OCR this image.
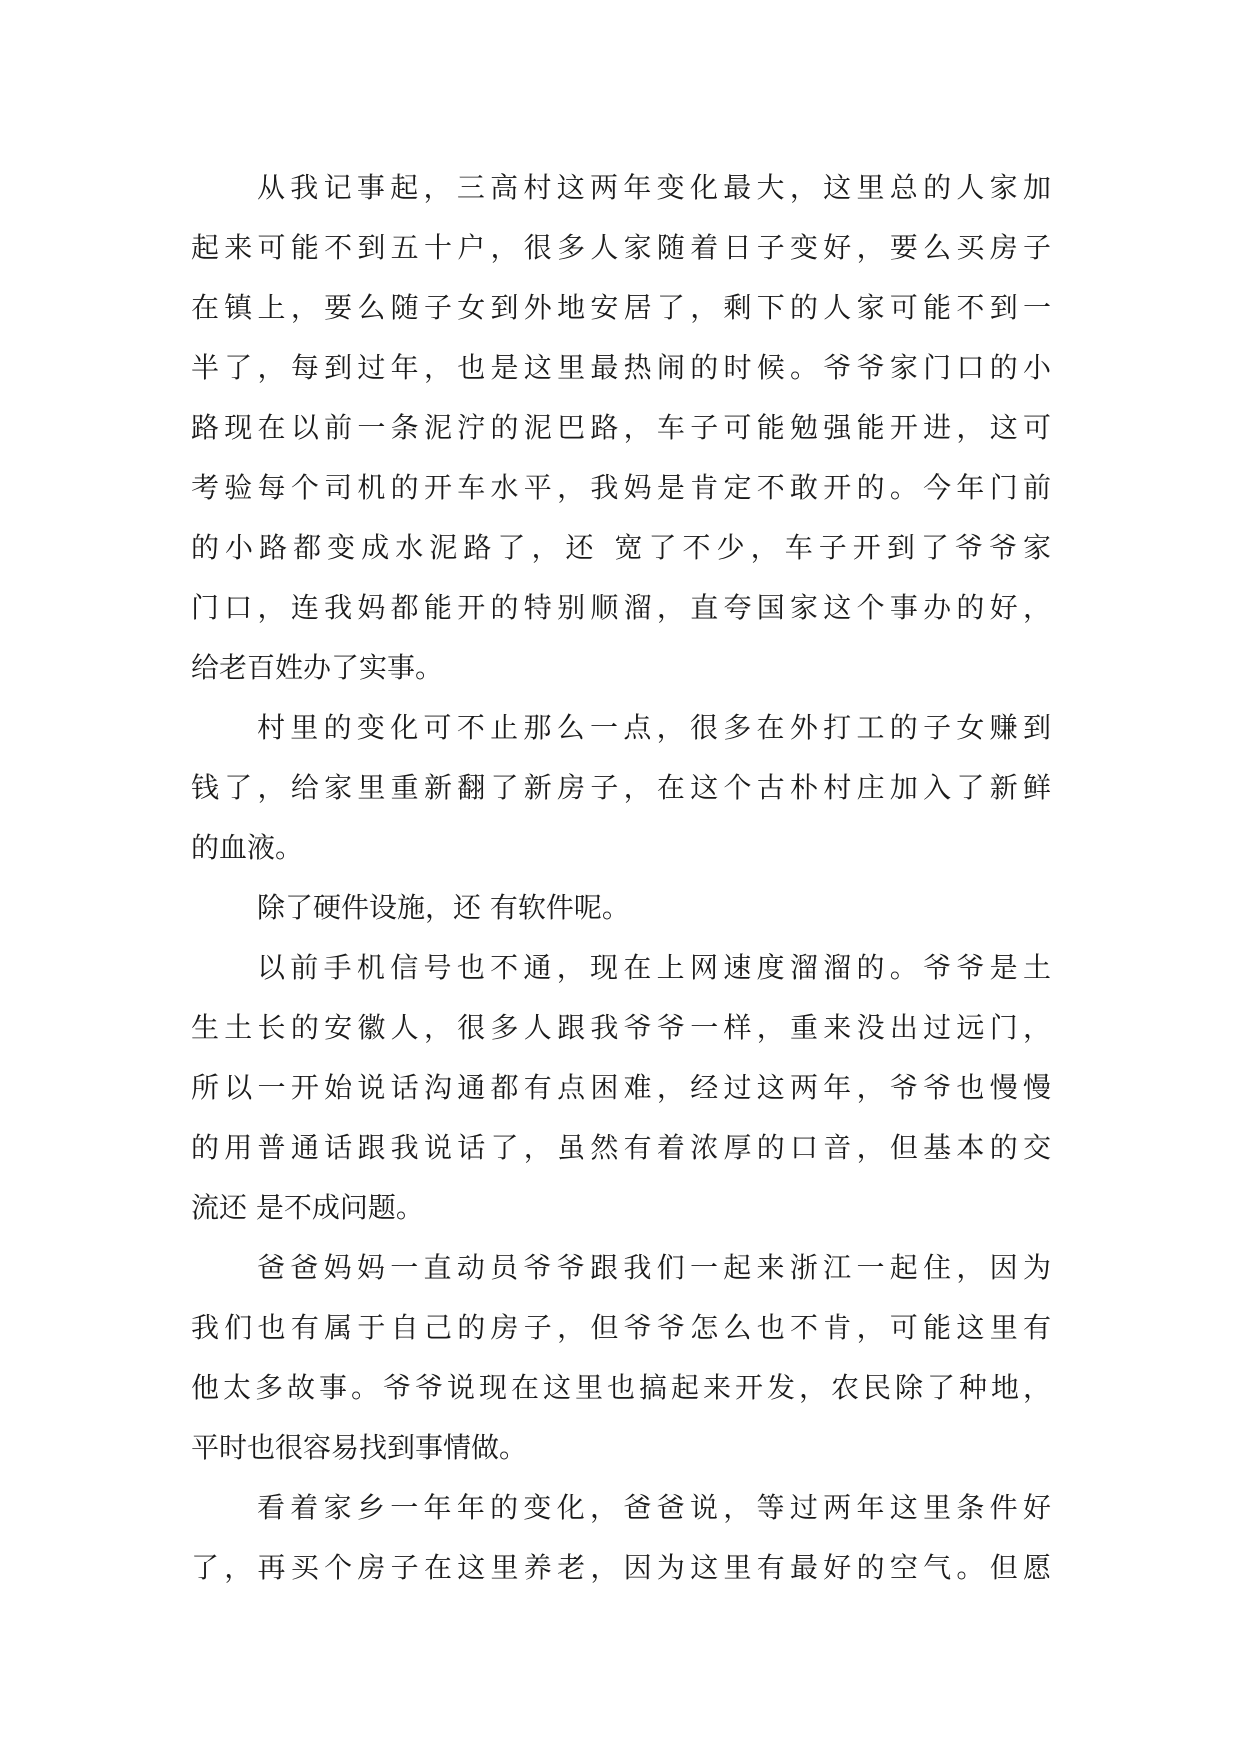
从我记事起，三高村这两年变化最大，这里总的人家加
起来可能不到五十户，很多人家随着日子变好，要么买房子
在镇上，要么随子女到外地安居了，剩下的人家可能不到一
半了，每到过年，也是这里最热闹的时候。爷爷家门口的小
路现在以前一条泥泞的泥巴路，车子可能勉强能开进，这可
考验每个司机的开车水平，我妈是肯定不敢开的。今年门前
的小路都变成水泥路了，还 宽了不少，车子开到了爷爷家
门口，连我妈都能开的特别顺溜，直夸国家这个事办的好，
给老百姓办了实事。
村里的变化可不止那么一点，很多在外打工的子女赚到
钱了，给家里重新翻了新房子，在这个古朴村庄加入了新鲜
的血液。
除了硬件设施，还 有软件呢。
以前手机信号也不通，现在上网速度溜溜的。爷爷是土
生土长的安徽人，很多人跟我爷爷一样，重来没出过远门，
所以一开始说话沟通都有点困难，经过这两年，爷爷也慢慢
的用普通话跟我说话了，虽然有着浓厚的口音，但基本的交
流还 是不成问题。
爸爸妈妈一直动员爷爷跟我们一起来浙江一起住，因为
我们也有属于自己的房子，但爷爷怎么也不肯，可能这里有
他太多故事。爷爷说现在这里也搞起来开发，农民除了种地，
平时也很容易找到事情做。
看着家乡一年年的变化，爸爸说，等过两年这里条件好
了，再买个房子在这里养老，因为这里有最好的空气。但愿
